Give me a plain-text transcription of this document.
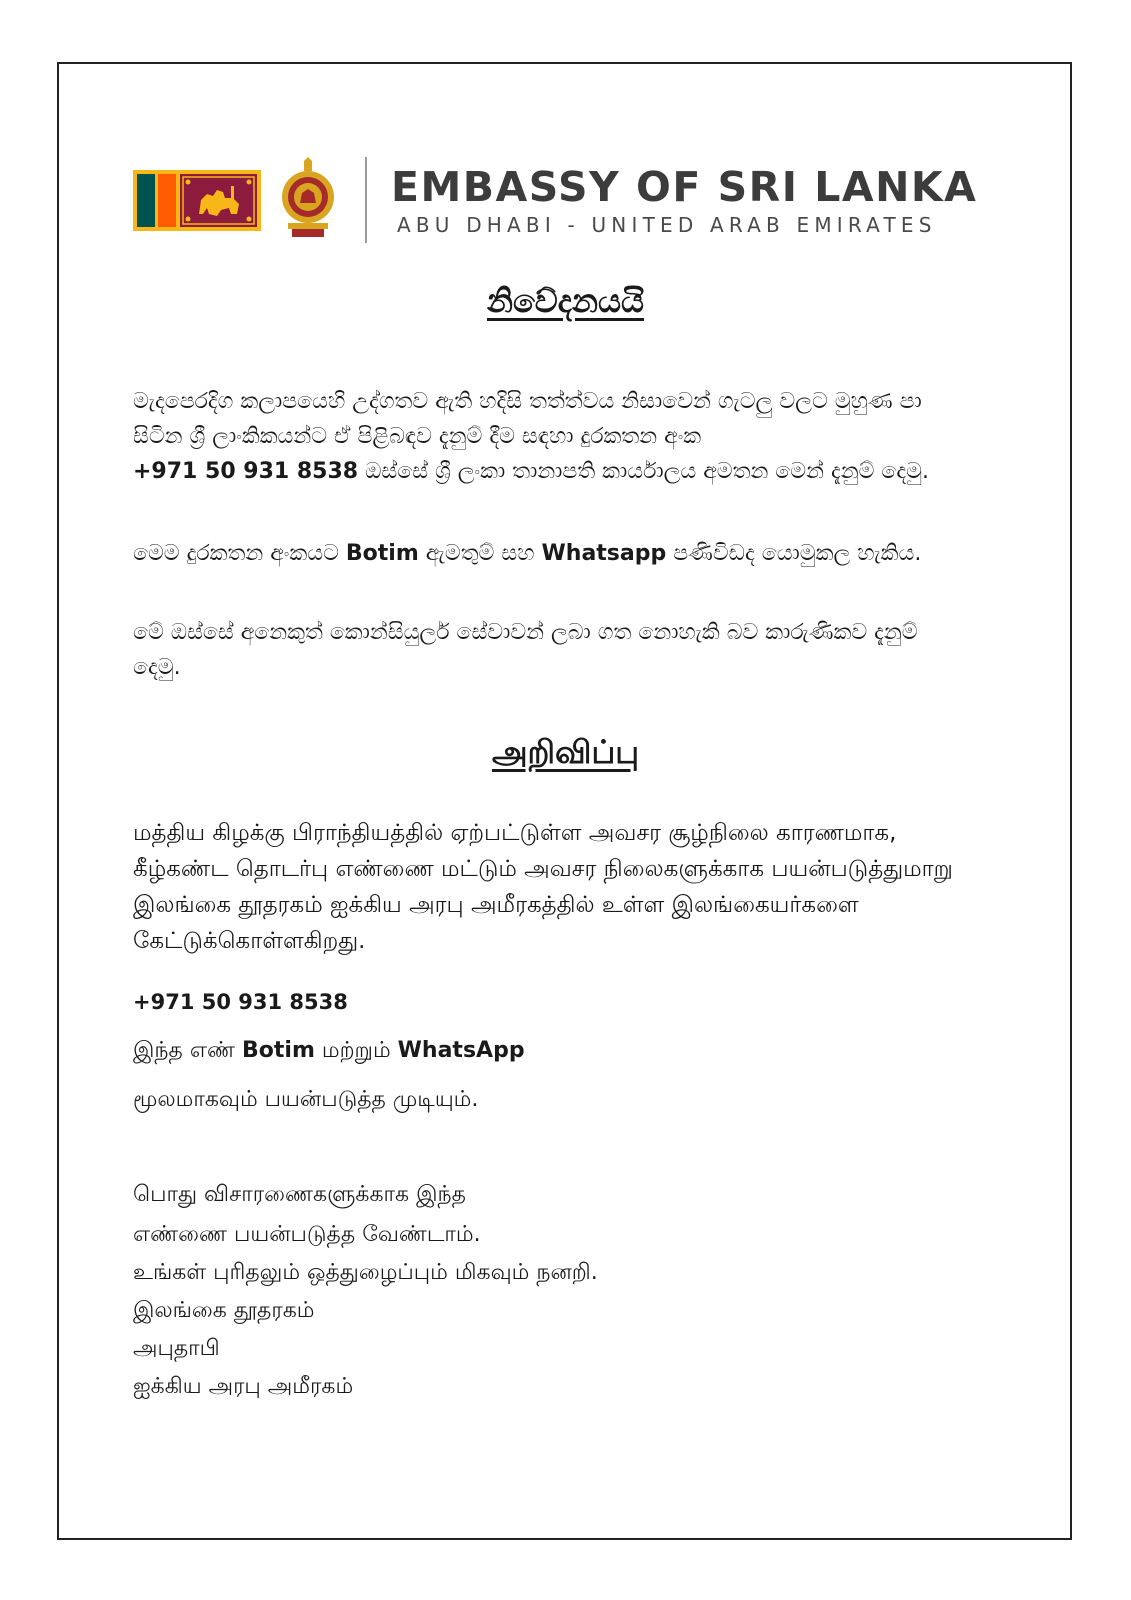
EMBASSY OF SRI LANKA
ABU DHABI - UNITED ARAB EMIRATES
නිවේදනයයි

මැදපෙරදිග කලාපයෙහි උද්ගතව ඇති හදිසි තත්ත්වය නිසාවෙන් ගැටලු වලට මුහුණ පා සිටින ශ්‍රී ලාංකිකයන්ට ඒ පිළිබඳව දැනුම් දීම සඳහා දුරකතන අංක
+971 50 931 8538 ඔස්සේ ශ්‍රී ලංකා තානාපති කාර්යාලය අමතන මෙන් දැනුම් දෙමු.

මෙම දුරකතන අංකයට Botim ඇමතුම් සහ Whatsapp පණිවිඩද යොමුකල හැකිය.

මේ ඔස්සේ අනෙකුත් කොන්සියුලර් සේවාවන් ලබා ගත නොහැකි බව කාරුණිකව දැනුම් දෙමු.

அறிவிப்பு

மத்திய கிழக்கு பிராந்தியத்தில் ஏற்பட்டுள்ள அவசர சூழ்நிலை காரணமாக, கீழ்கண்ட தொடர்பு எண்ணை மட்டும் அவசர நிலைகளுக்காக பயன்படுத்துமாறு இலங்கை தூதரகம் ஐக்கிய அரபு அமீரகத்தில் உள்ள இலங்கையர்களை கேட்டுக்கொள்ளகிறது.

+971 50 931 8538
இந்த எண் Botim மற்றும் WhatsApp
மூலமாகவும் பயன்படுத்த முடியும்.
பொது விசாரணைகளுக்காக இந்த
எண்ணை பயன்படுத்த வேண்டாம்.
உங்கள் புரிதலும் ஒத்துழைப்பும் மிகவும் நனறி.
இலங்கை தூதரகம்
அபுதாபி
ஐக்கிய அரபு அமீரகம்
